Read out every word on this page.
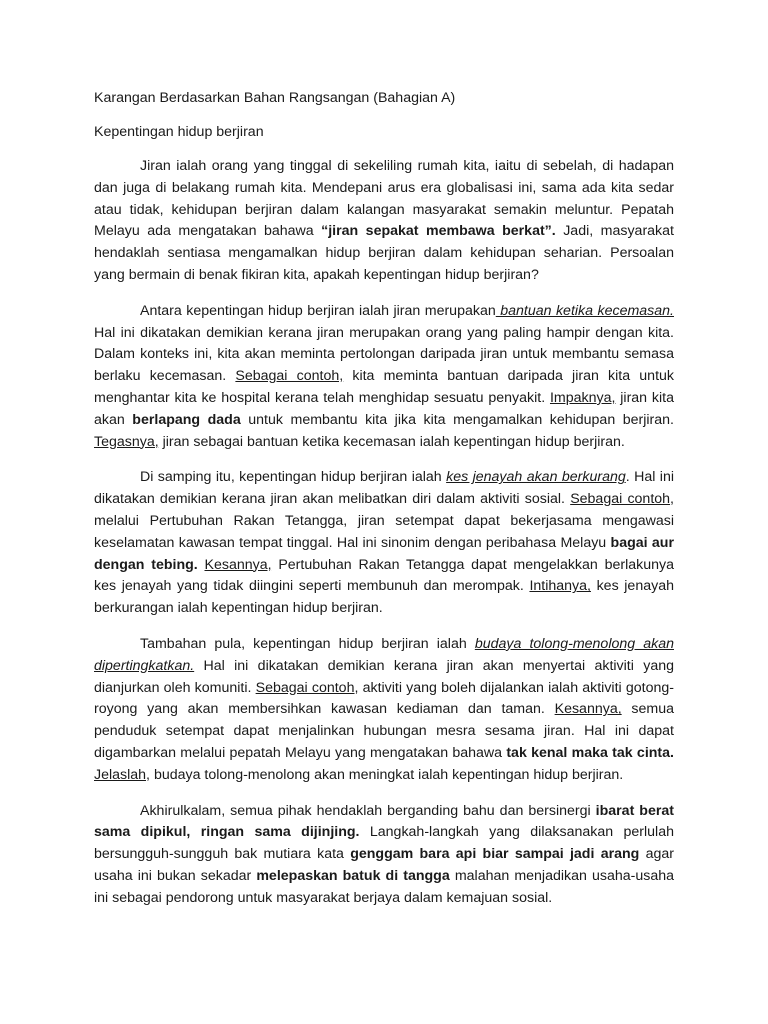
Karangan Berdasarkan Bahan Rangsangan (Bahagian A)
Kepentingan hidup berjiran

Jiran ialah orang yang tinggal di sekeliling rumah kita, iaitu di sebelah, di hadapan dan juga di belakang rumah kita. Mendepani arus era globalisasi ini, sama ada kita sedar atau tidak, kehidupan berjiran dalam kalangan masyarakat semakin meluntur. Pepatah Melayu ada mengatakan bahawa “jiran sepakat membawa berkat”. Jadi, masyarakat hendaklah sentiasa mengamalkan hidup berjiran dalam kehidupan seharian. Persoalan yang bermain di benak fikiran kita, apakah kepentingan hidup berjiran?

Antara kepentingan hidup berjiran ialah jiran merupakan bantuan ketika kecemasan. Hal ini dikatakan demikian kerana jiran merupakan orang yang paling hampir dengan kita. Dalam konteks ini, kita akan meminta pertolongan daripada jiran untuk membantu semasa berlaku kecemasan. Sebagai contoh, kita meminta bantuan daripada jiran kita untuk menghantar kita ke hospital kerana telah menghidap sesuatu penyakit. Impaknya, jiran kita akan berlapang dada untuk membantu kita jika kita mengamalkan kehidupan berjiran. Tegasnya, jiran sebagai bantuan ketika kecemasan ialah kepentingan hidup berjiran.

Di samping itu, kepentingan hidup berjiran ialah kes jenayah akan berkurang. Hal ini dikatakan demikian kerana jiran akan melibatkan diri dalam aktiviti sosial. Sebagai contoh, melalui Pertubuhan Rakan Tetangga, jiran setempat dapat bekerjasama mengawasi keselamatan kawasan tempat tinggal. Hal ini sinonim dengan peribahasa Melayu bagai aur dengan tebing. Kesannya, Pertubuhan Rakan Tetangga dapat mengelakkan berlakunya kes jenayah yang tidak diingini seperti membunuh dan merompak. Intihanya, kes jenayah berkurangan ialah kepentingan hidup berjiran.

Tambahan pula, kepentingan hidup berjiran ialah budaya tolong-menolong akan dipertingkatkan. Hal ini dikatakan demikian kerana jiran akan menyertai aktiviti yang dianjurkan oleh komuniti. Sebagai contoh, aktiviti yang boleh dijalankan ialah aktiviti gotong-royong yang akan membersihkan kawasan kediaman dan taman. Kesannya, semua penduduk setempat dapat menjalinkan hubungan mesra sesama jiran. Hal ini dapat digambarkan melalui pepatah Melayu yang mengatakan bahawa tak kenal maka tak cinta. Jelaslah, budaya tolong-menolong akan meningkat ialah kepentingan hidup berjiran.

Akhirulkalam, semua pihak hendaklah berganding bahu dan bersinergi ibarat berat sama dipikul, ringan sama dijinjing. Langkah-langkah yang dilaksanakan perlulah bersungguh-sungguh bak mutiara kata genggam bara api biar sampai jadi arang agar usaha ini bukan sekadar melepaskan batuk di tangga malahan menjadikan usaha-usaha ini sebagai pendorong untuk masyarakat berjaya dalam kemajuan sosial.
